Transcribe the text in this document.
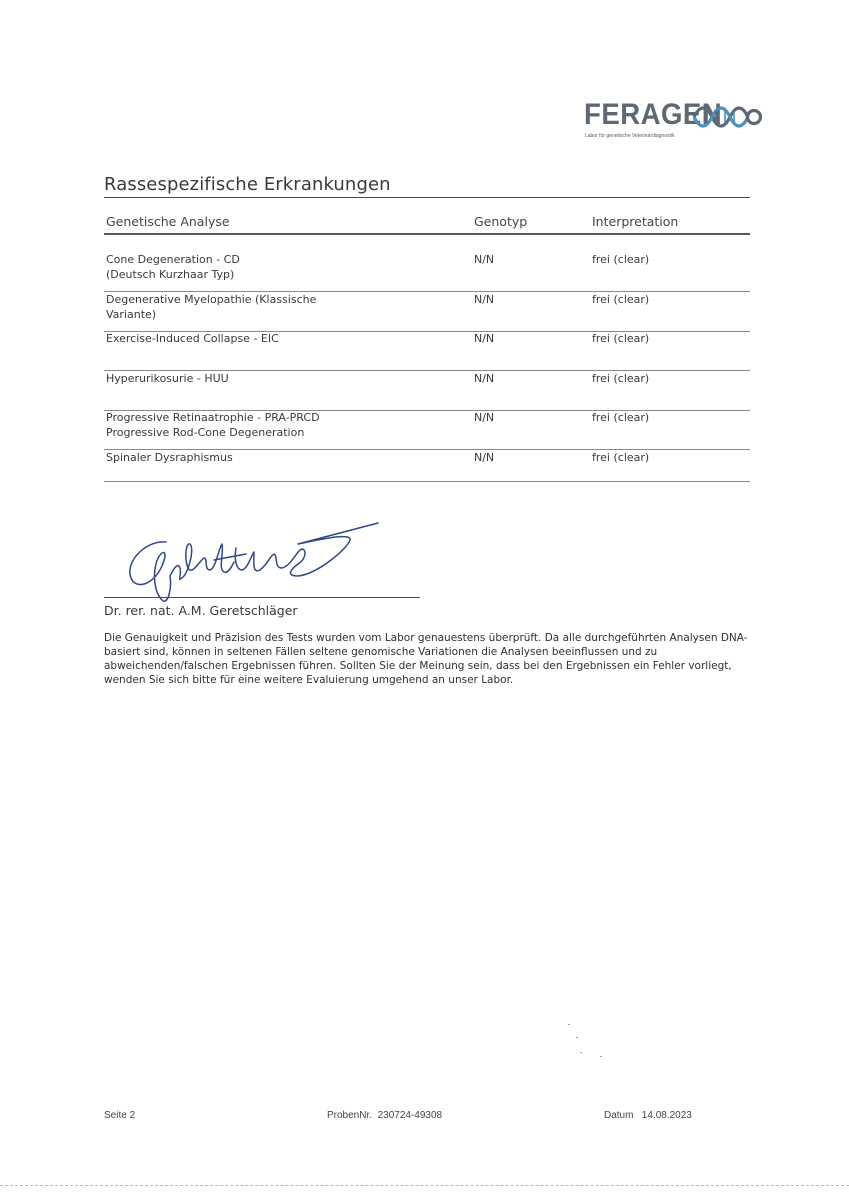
FERAGEN
Labor für genetische Veterinärdiagnostik
Rassespezifische Erkrankungen
Genetische Analyse	Genotyp	Interpretation
Cone Degeneration - CD
(Deutsch Kurzhaar Typ)
N/N	frei (clear)
Degenerative Myelopathie (Klassische
Variante)
N/N	frei (clear)
Exercise-Induced Collapse - EIC	N/N	frei (clear)
Hyperurikosurie - HUU	N/N	frei (clear)
Progressive Retinaatrophie - PRA-PRCD
Progressive Rod-Cone Degeneration
N/N	frei (clear)
Spinaler Dysraphismus	N/N	frei (clear)
Dr. rer. nat. A.M. Geretschläger
Die Genauigkeit und Präzision des Tests wurden vom Labor genauestens überprüft. Da alle durchgeführten Analysen DNA-basiert sind, können in seltenen Fällen seltene genomische Variationen die Analysen beeinflussen und zu abweichenden/falschen Ergebnissen führen. Sollten Sie der Meinung sein, dass bei den Ergebnissen ein Fehler vorliegt, wenden Sie sich bitte für eine weitere Evaluierung umgehend an unser Labor.
Seite 2	ProbenNr. 230724-49308	Datum 14.08.2023
